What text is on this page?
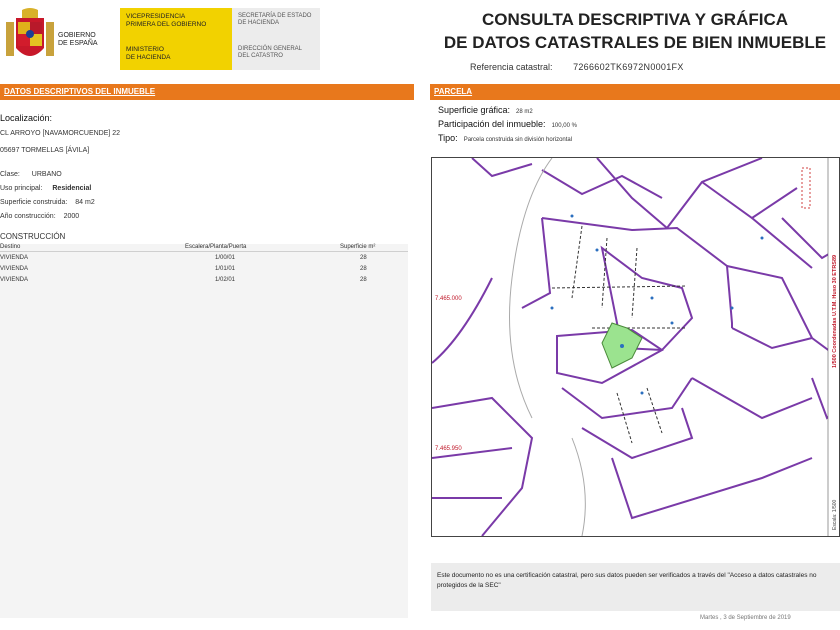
GOBIERNO
DE ESPAÑA
VICEPRESIDENCIA
PRIMERA DEL GOBIERNO
MINISTERIO
DE HACIENDA
SECRETARÍA DE ESTADO
DE HACIENDA
DIRECCIÓN GENERAL
DEL CATASTRO
CONSULTA DESCRIPTIVA Y GRÁFICA
DE DATOS CATASTRALES DE BIEN INMUEBLE
Referencia catastral: 7266602TK6972N0001FX
DATOS DESCRIPTIVOS DEL INMUEBLE	PARCELA
Localización:
CL ARROYO [NAVAMORCUENDE] 22
05697 TORMELLAS [ÁVILA]
Clase: URBANO
Uso principal: Residencial
Superficie construida: 84 m2
Año construcción: 2000
CONSTRUCCIÓN
Destino	Escalera/Planta/Puerta	Superficie m²
VIVIENDA	1/00/01	28
VIVIENDA	1/01/01	28
VIVIENDA	1/02/01	28
Superficie gráfica: 28 m2
Participación del inmueble: 100,00 %
Tipo: Parcela construida sin división horizontal
7.465.000
7.465.950
1/500 Coordenadas U.T.M. Huso 30 ETRS89
Escala: 1/500
Este documento no es una certificación catastral, pero sus datos pueden ser verificados a través del "Acceso a datos catastrales no protegidos de la SEC"
Martes , 3 de Septiembre de 2019
